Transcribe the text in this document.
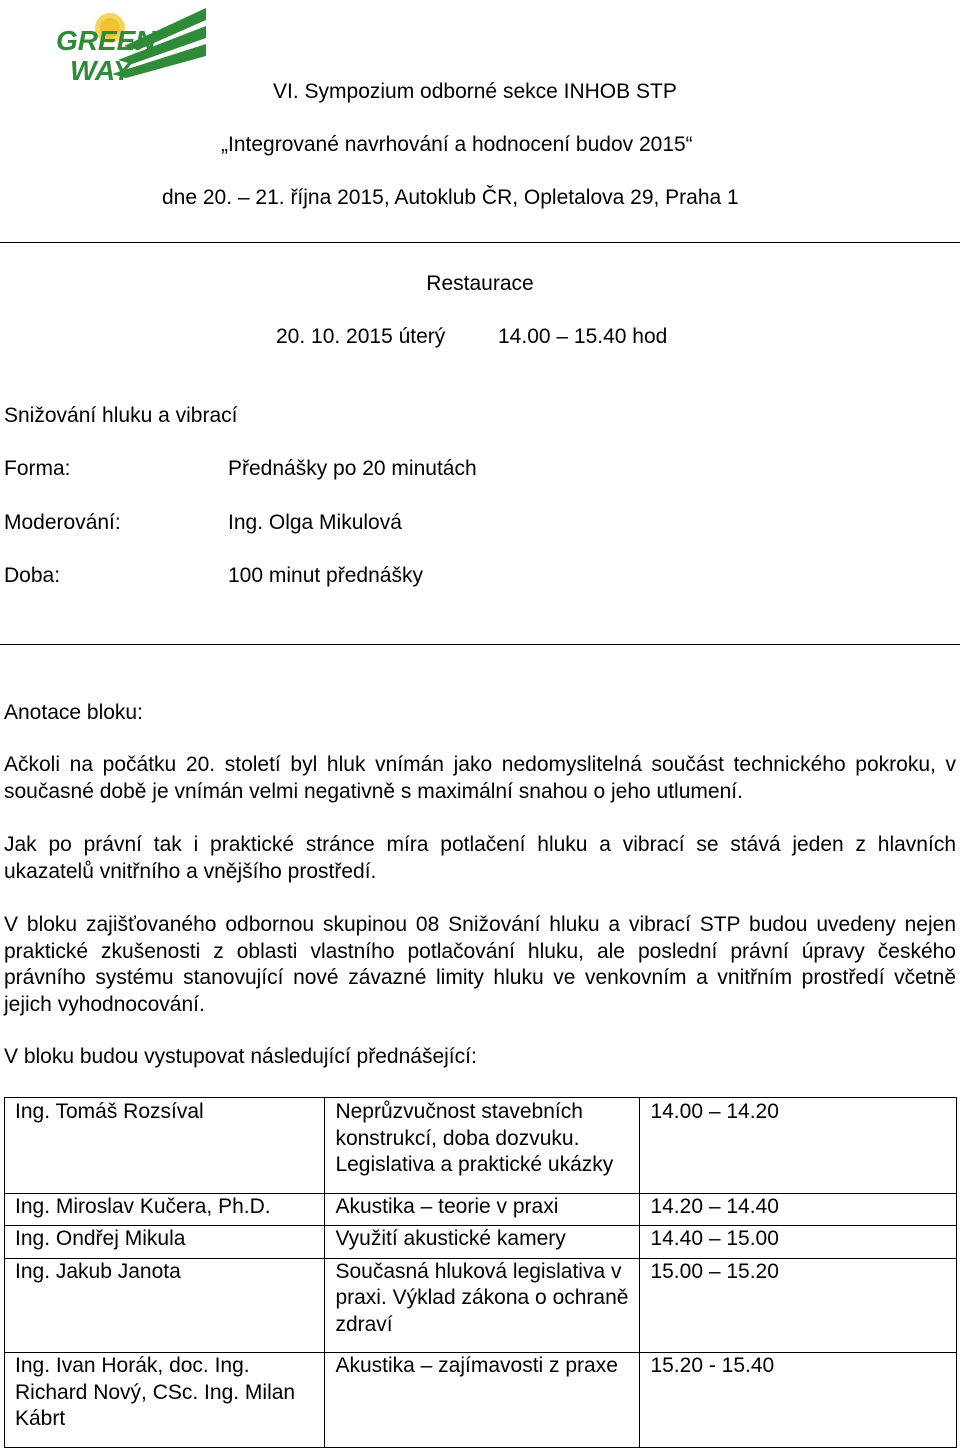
GREEN
WAY
VI. Sympozium odborné sekce INHOB STP
„Integrované navrhování a hodnocení budov 2015“
dne 20. – 21. října 2015, Autoklub ČR, Opletalova 29, Praha 1
Restaurace
20. 10. 2015 úterý	14.00 – 15.40 hod
Snižování hluku a vibrací
Forma:	Přednášky po 20 minutách
Moderování:	Ing. Olga Mikulová
Doba:	100 minut přednášky
Anotace bloku:
Ačkoli na počátku 20. století byl hluk vnímán jako nedomyslitelná součást technického pokroku, v současné době je vnímán velmi negativně s maximální snahou o jeho utlumení.
Jak po právní tak i praktické stránce míra potlačení hluku a vibrací se stává jeden z hlavních ukazatelů vnitřního a vnějšího prostředí.
V bloku zajišťovaného odbornou skupinou 08 Snižování hluku a vibrací STP budou uvedeny nejen praktické zkušenosti z oblasti vlastního potlačování hluku, ale poslední právní úpravy českého právního systému stanovující nové závazné limity hluku ve venkovním a vnitřním prostředí včetně jejich vyhodnocování.
V bloku budou vystupovat následující přednášející:
Ing. Tomáš Rozsíval	Neprůzvučnost stavebních konstrukcí, doba dozvuku. Legislativa a praktické ukázky	14.00 – 14.20
Ing. Miroslav Kučera, Ph.D.	Akustika – teorie v praxi	14.20 – 14.40
Ing. Ondřej Mikula	Využití akustické kamery	14.40 – 15.00
Ing. Jakub Janota	Současná hluková legislativa v praxi. Výklad zákona o ochraně zdraví	15.00 – 15.20
Ing. Ivan Horák, doc. Ing. Richard Nový, CSc. Ing. Milan Kábrt	Akustika – zajímavosti z praxe	15.20 - 15.40
